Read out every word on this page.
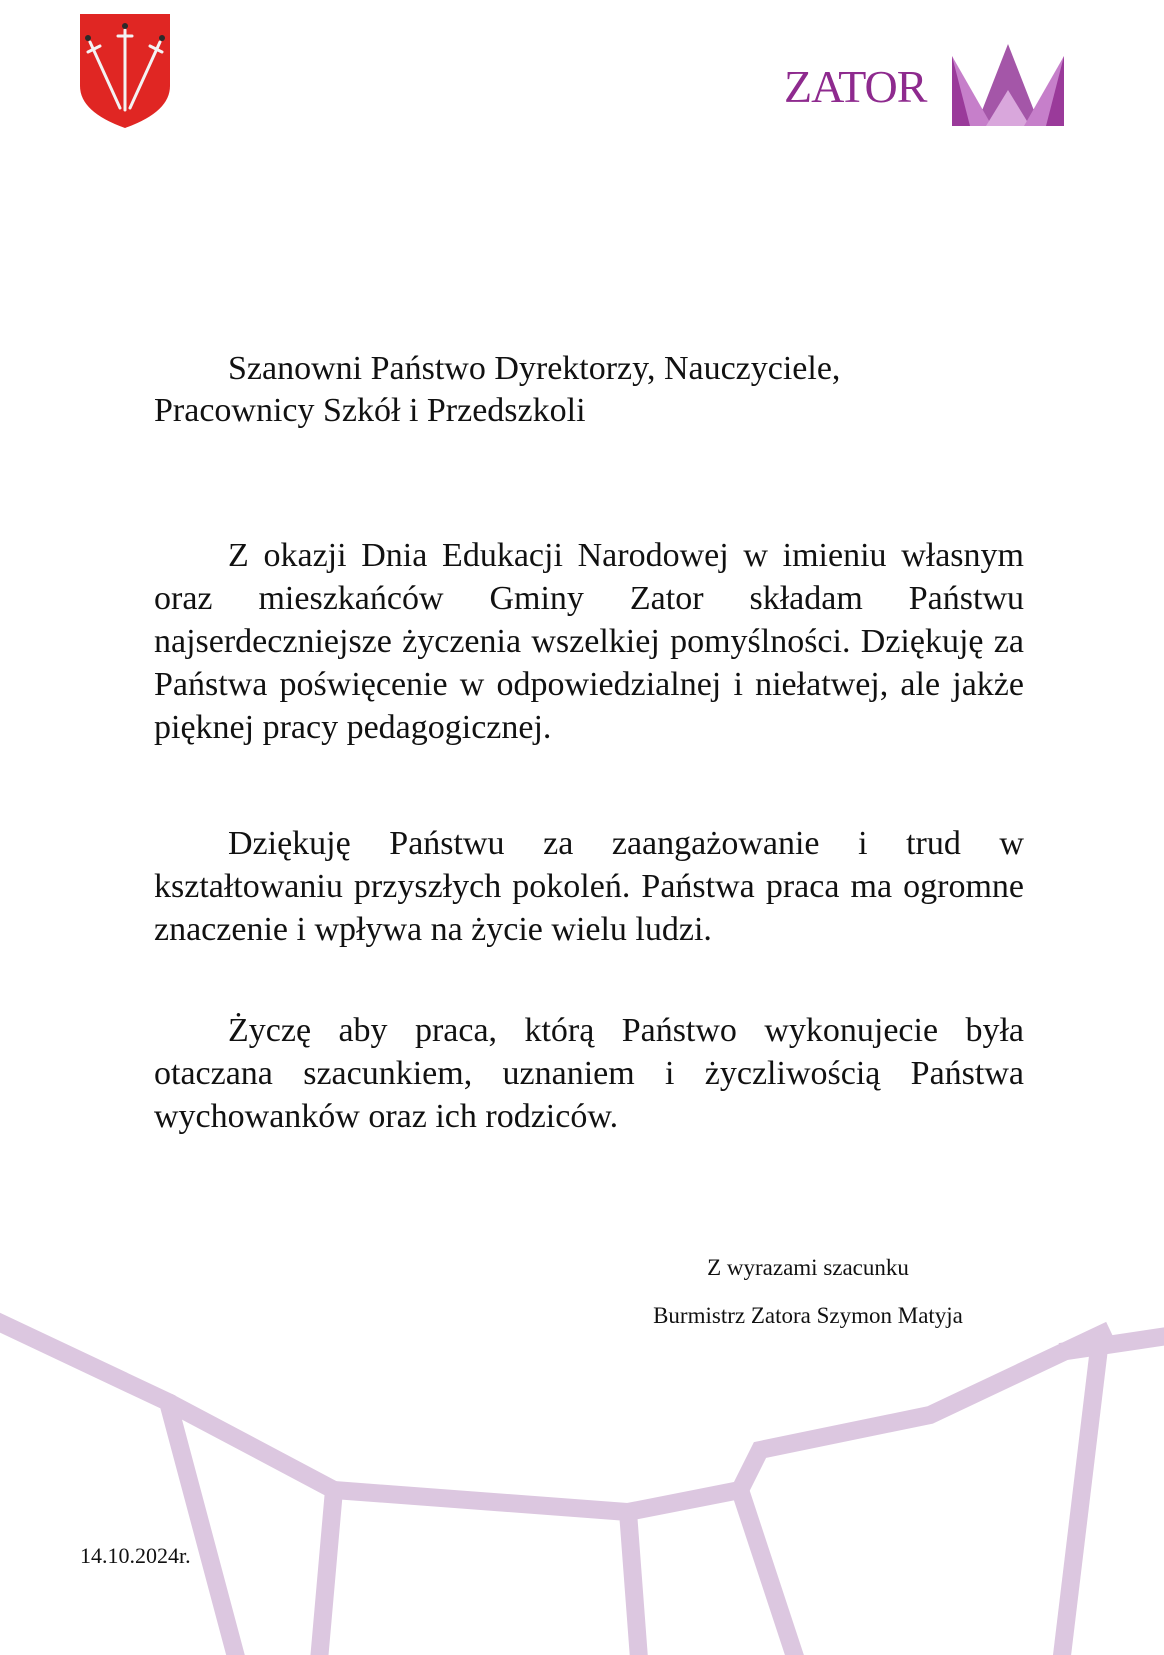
ZATOR
Szanowni Państwo Dyrektorzy, Nauczyciele,
Pracownicy Szkół i Przedszkoli

Z okazji Dnia Edukacji Narodowej w imieniu własnym oraz mieszkańców Gminy Zator składam Państwu najserdeczniejsze życzenia wszelkiej pomyślności. Dziękuję za Państwa poświęcenie w odpowiedzialnej i niełatwej, ale jakże pięknej pracy pedagogicznej.

Dziękuję Państwu za zaangażowanie i trud w kształtowaniu przyszłych pokoleń. Państwa praca ma ogromne znaczenie i wpływa na życie wielu ludzi.

Życzę aby praca, którą Państwo wykonujecie była otaczana szacunkiem, uznaniem i życzliwością Państwa wychowanków oraz ich rodziców.

Z wyrazami szacunku
Burmistrz Zatora Szymon Matyja
14.10.2024r.
